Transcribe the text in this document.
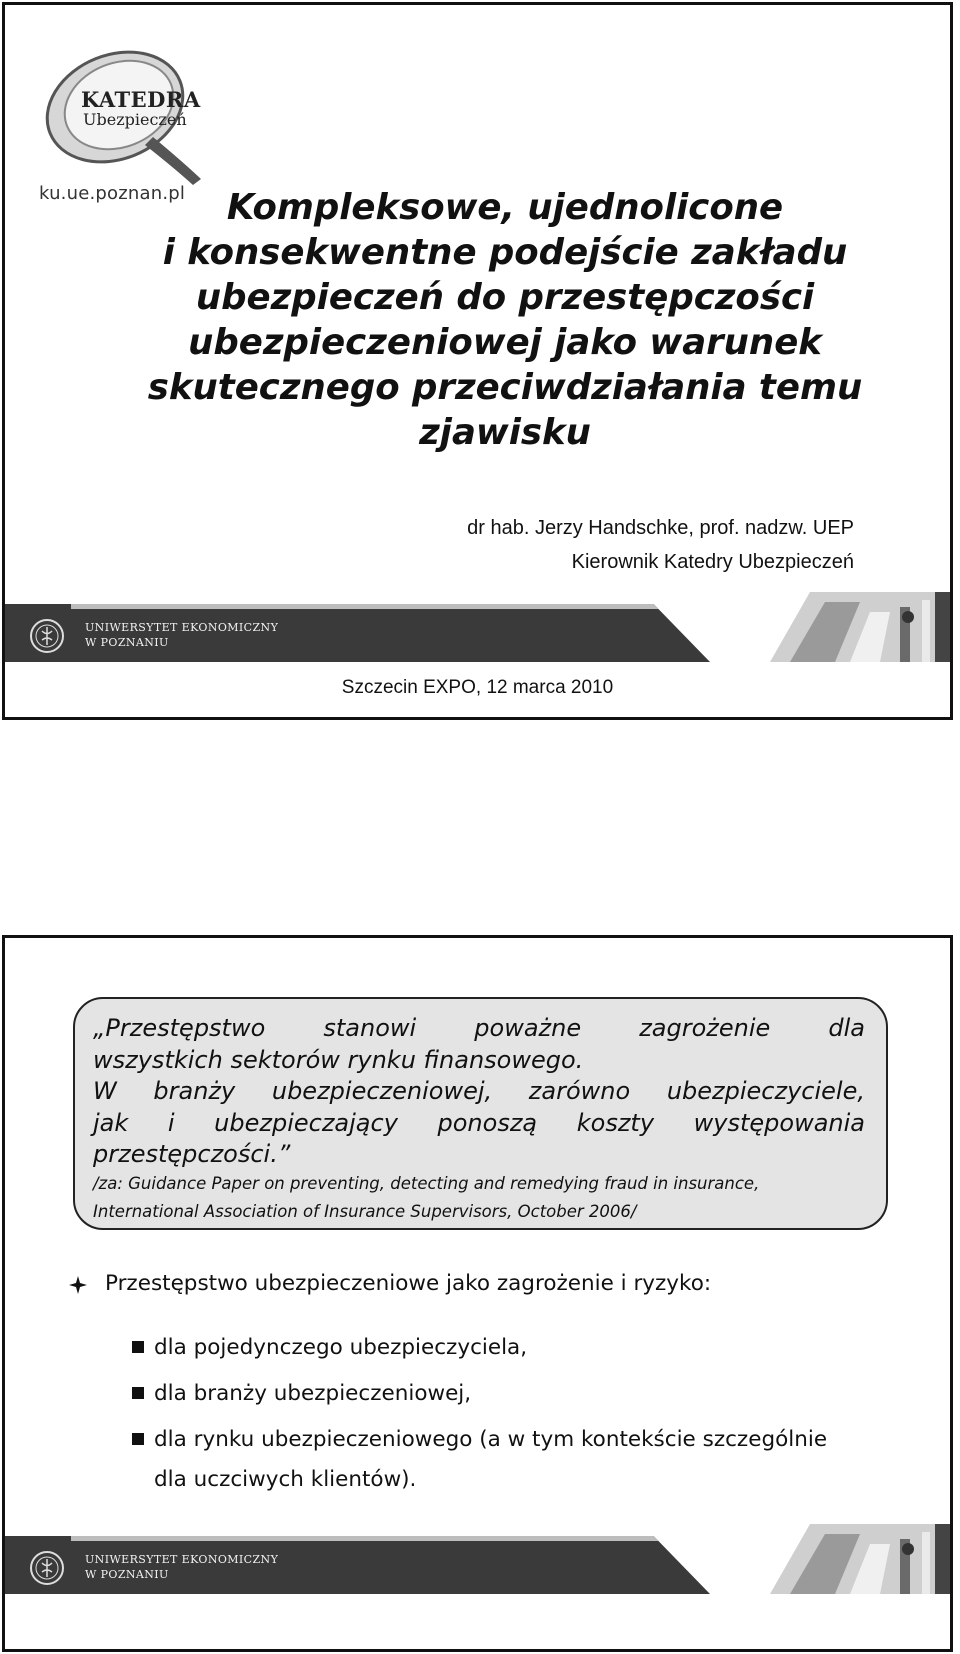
KATEDRA
Ubezpieczeń
ku.ue.poznan.pl	Kompleksowe, ujednolicone
i konsekwentne podejście zakładu
ubezpieczeń do przestępczości
ubezpieczeniowej jako warunek
skutecznego przeciwdziałania temu
zjawisku
dr hab. Jerzy Handschke, prof. nadzw. UEP
Kierownik Katedry Ubezpieczeń
UNIWERSYTET EKONOMICZNY
W POZNANIU
Szczecin EXPO, 12 marca 2010

„Przestępstwo stanowi poważne zagrożenie dla

wszystkich sektorów rynku finansowego.

W branży ubezpieczeniowej, zarówno ubezpieczyciele,

jak i ubezpieczający ponoszą koszty występowania

przestępczości.”

/za: Guidance Paper on preventing, detecting and remedying fraud in insurance,
International Association of Insurance Supervisors, October 2006/
Przestępstwo ubezpieczeniowe jako zagrożenie i ryzyko:
dla pojedynczego ubezpieczyciela,
dla branży ubezpieczeniowej,
dla rynku ubezpieczeniowego (a w tym kontekście szczególnie
dla uczciwych klientów).
UNIWERSYTET EKONOMICZNY
W POZNANIU
